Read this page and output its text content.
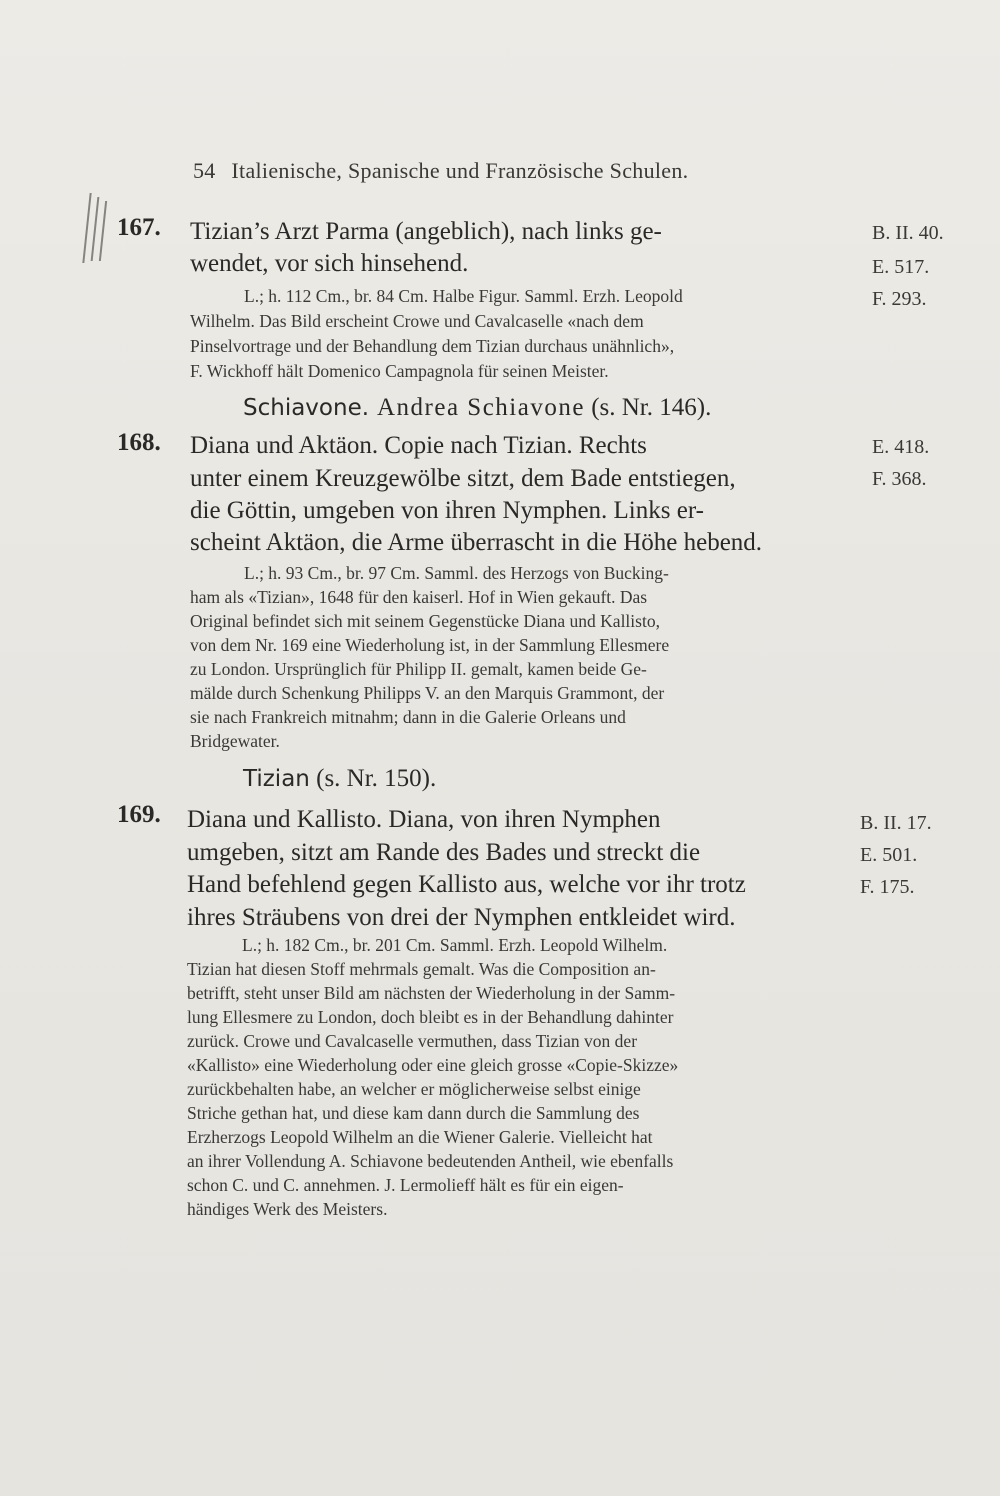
54 Italienische, Spanische und Französische Schulen.
167. Tizian’s Arzt Parma (angeblich), nach links ge-
wendet, vor sich hinsehend.
L.; h. 112 Cm., br. 84 Cm. Halbe Figur. Samml. Erzh. Leopold
Wilhelm. Das Bild erscheint Crowe und Cavalcaselle «nach dem
Pinselvortrage und der Behandlung dem Tizian durchaus unähnlich»,
F. Wickhoff hält Domenico Campagnola für seinen Meister.
B. II. 40.
E. 517.
F. 293.
Schiavone. Andrea Schiavone (s. Nr. 146).
168. Diana und Aktäon. Copie nach Tizian. Rechts
unter einem Kreuzgewölbe sitzt, dem Bade entstiegen,
die Göttin, umgeben von ihren Nymphen. Links er-
scheint Aktäon, die Arme überrascht in die Höhe hebend.
L.; h. 93 Cm., br. 97 Cm. Samml. des Herzogs von Bucking-
ham als «Tizian», 1648 für den kaiserl. Hof in Wien gekauft. Das
Original befindet sich mit seinem Gegenstücke Diana und Kallisto,
von dem Nr. 169 eine Wiederholung ist, in der Sammlung Ellesmere
zu London. Ursprünglich für Philipp II. gemalt, kamen beide Ge-
mälde durch Schenkung Philipps V. an den Marquis Grammont, der
sie nach Frankreich mitnahm; dann in die Galerie Orleans und
Bridgewater.
E. 418.
F. 368.
Tizian (s. Nr. 150).
169. Diana und Kallisto. Diana, von ihren Nymphen
umgeben, sitzt am Rande des Bades und streckt die
Hand befehlend gegen Kallisto aus, welche vor ihr trotz
ihres Sträubens von drei der Nymphen entkleidet wird.
L.; h. 182 Cm., br. 201 Cm. Samml. Erzh. Leopold Wilhelm.
Tizian hat diesen Stoff mehrmals gemalt. Was die Composition an-
betrifft, steht unser Bild am nächsten der Wiederholung in der Samm-
lung Ellesmere zu London, doch bleibt es in der Behandlung dahinter
zurück. Crowe und Cavalcaselle vermuthen, dass Tizian von der
«Kallisto» eine Wiederholung oder eine gleich grosse «Copie-Skizze»
zurückbehalten habe, an welcher er möglicherweise selbst einige
Striche gethan hat, und diese kam dann durch die Sammlung des
Erzherzogs Leopold Wilhelm an die Wiener Galerie. Vielleicht hat
an ihrer Vollendung A. Schiavone bedeutenden Antheil, wie ebenfalls
schon C. und C. annehmen. J. Lermolieff hält es für ein eigen-
händiges Werk des Meisters.
B. II. 17.
E. 501.
F. 175.
